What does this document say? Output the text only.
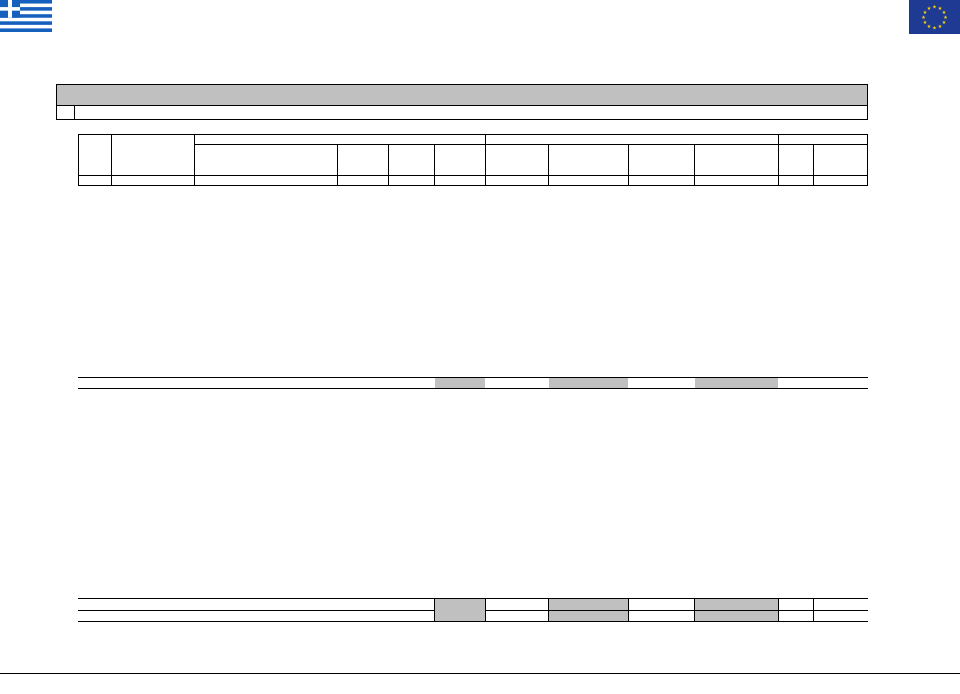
★ ★
★
★
★
★
★
★
★
★
★
★
